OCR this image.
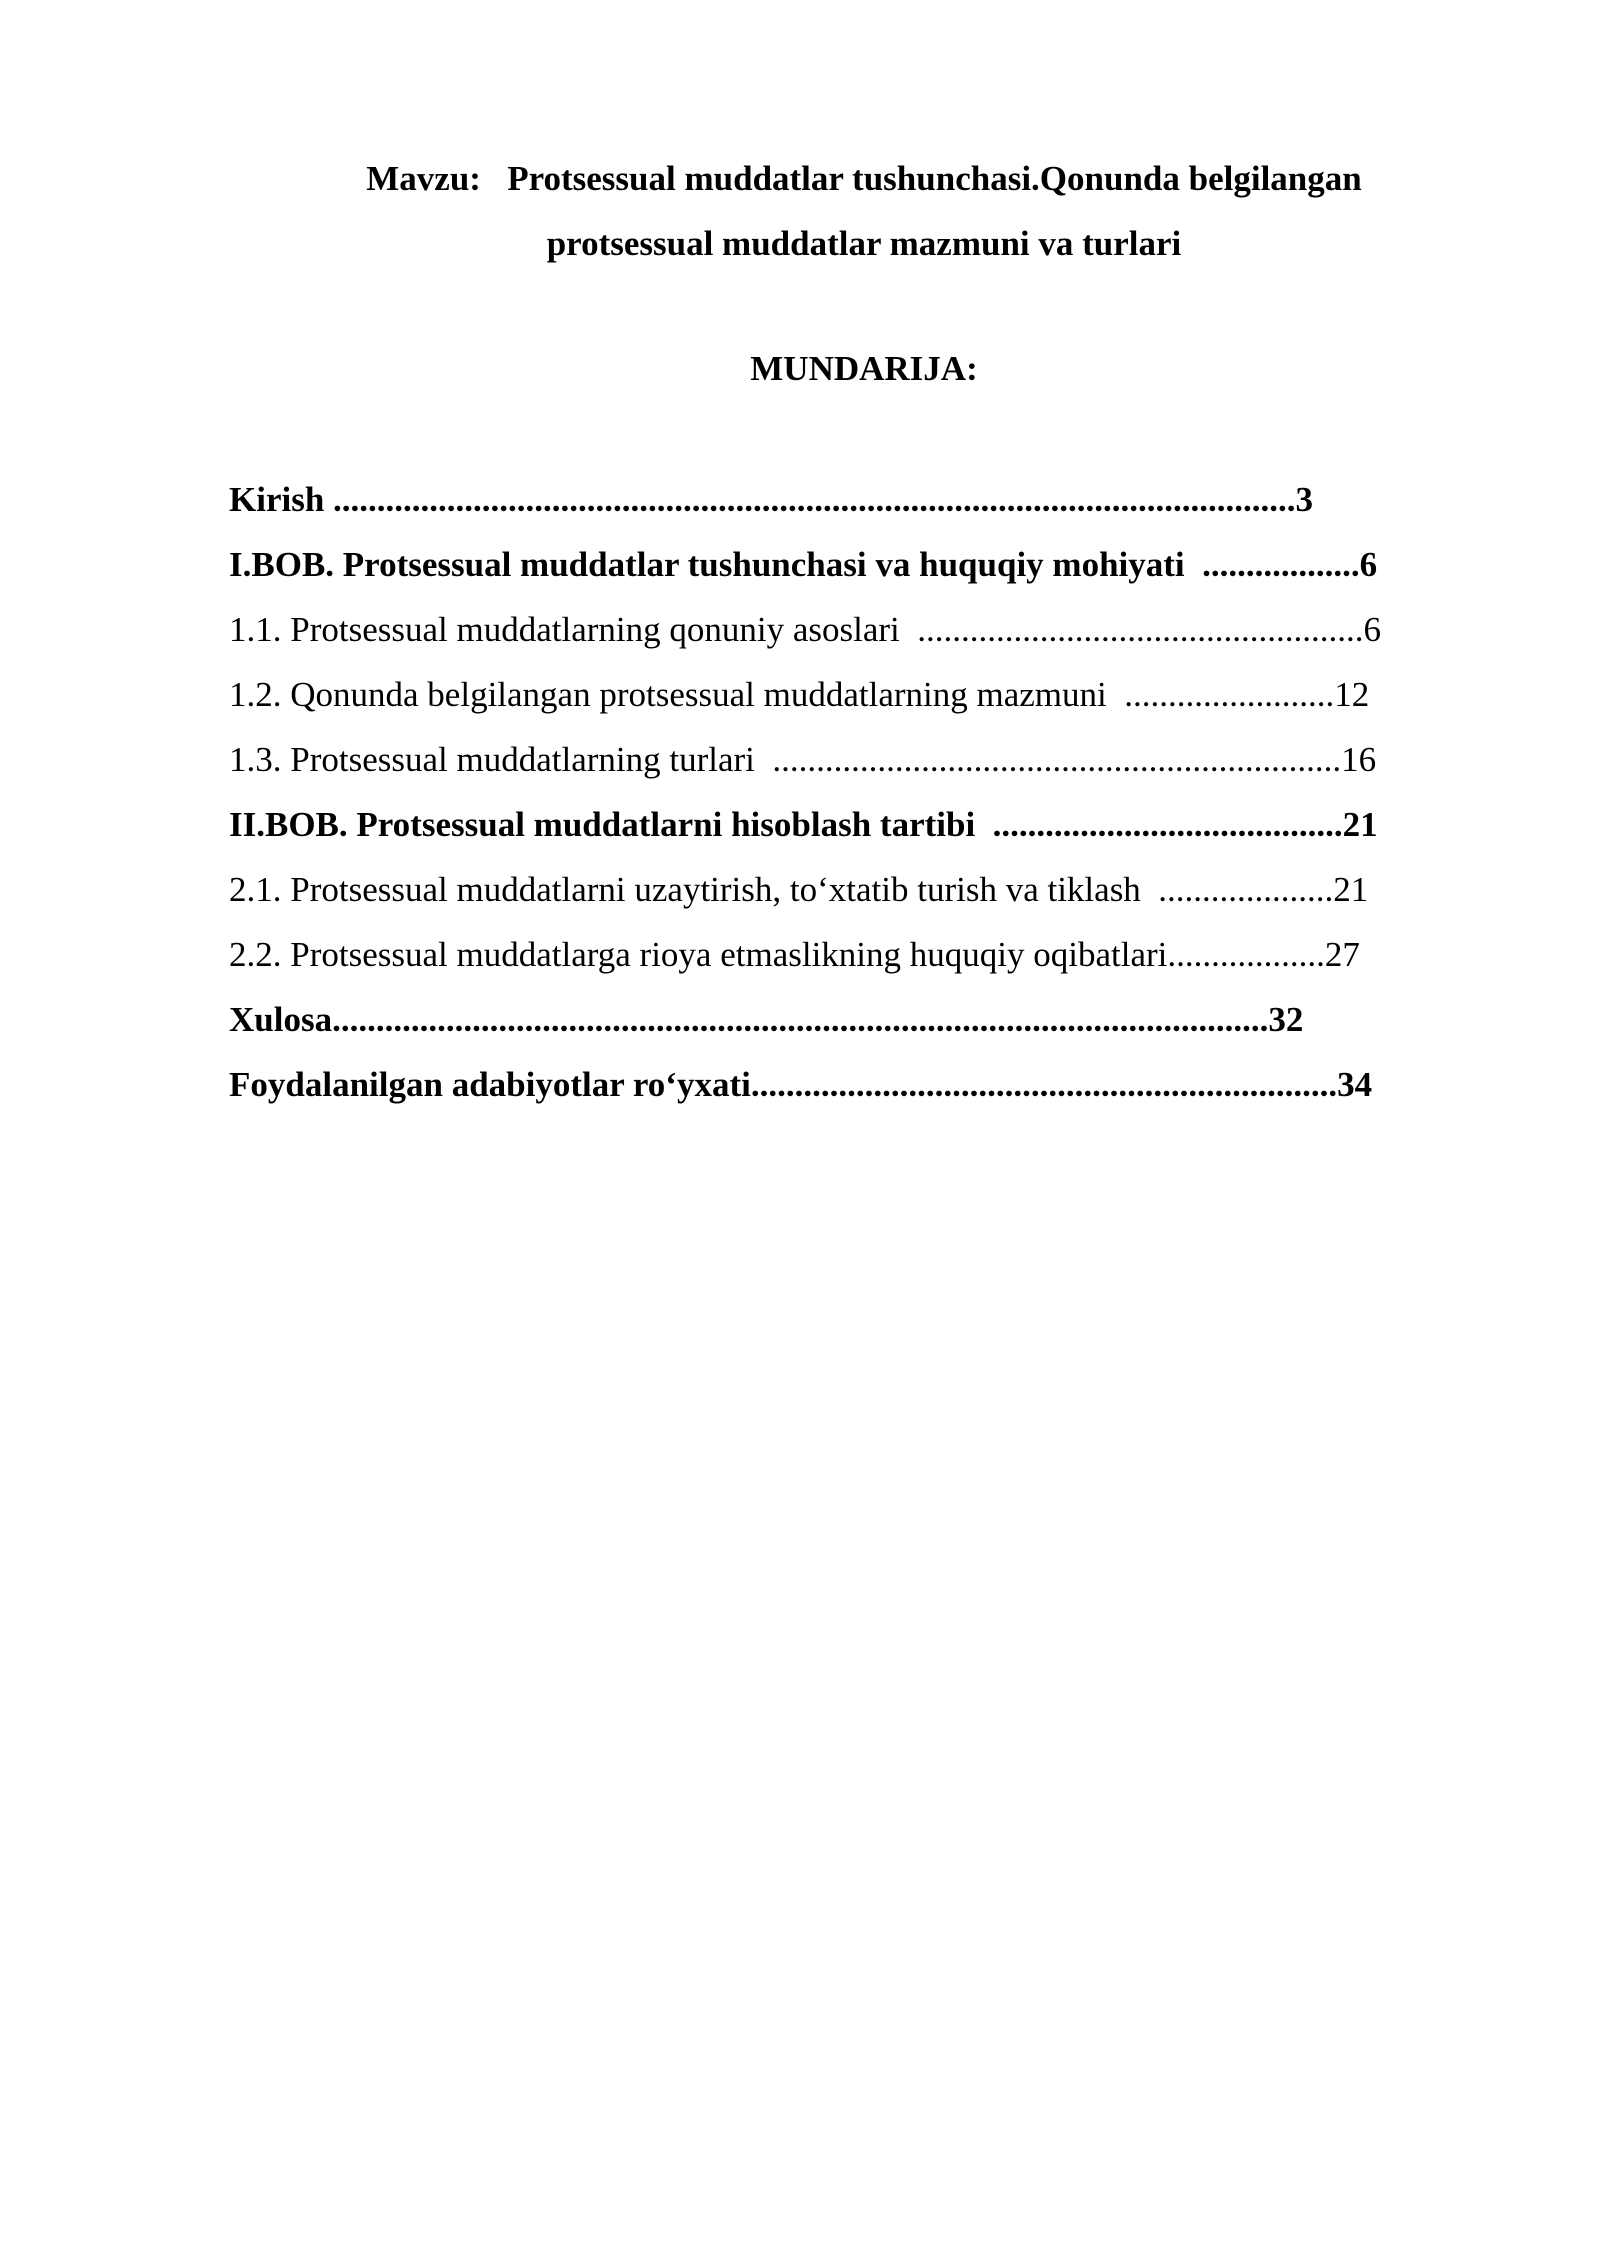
Mavzu:   Protsessual muddatlar tushunchasi.Qonunda belgilangan
protsessual muddatlar mazmuni va turlari
MUNDARIJA:
Kirish ..............................................................................................................3
I.BOB. Protsessual muddatlar tushunchasi va huquqiy mohiyati  ..................6
1.1. Protsessual muddatlarning qonuniy asoslari  ...................................................6
1.2. Qonunda belgilangan protsessual muddatlarning mazmuni  ........................12
1.3. Protsessual muddatlarning turlari  .................................................................16
II.BOB. Protsessual muddatlarni hisoblash tartibi  ........................................21
2.1. Protsessual muddatlarni uzaytirish, to‘xtatib turish va tiklash  ....................21
2.2. Protsessual muddatlarga rioya etmaslikning huquqiy oqibatlari..................27
Xulosa...........................................................................................................32
Foydalanilgan adabiyotlar ro‘yxati...................................................................34
